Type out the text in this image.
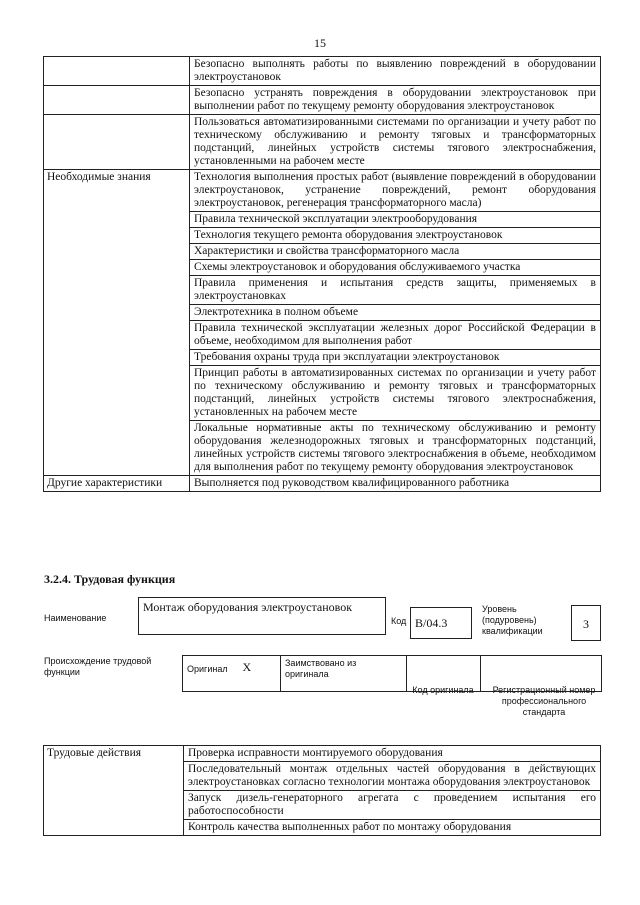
15
	Безопасно выполнять работы по выявлению повреждений в оборудовании электроустановок
	Безопасно устранять повреждения в оборудовании электроустановок при выполнении работ по текущему ремонту оборудования электроустановок
	Пользоваться автоматизированными системами по организации и учету работ по техническому обслуживанию и ремонту тяговых и трансформаторных подстанций, линейных устройств системы тягового электроснабжения, установленными на рабочем месте
Необходимые знания	Технология выполнения простых работ (выявление повреждений в оборудовании электроустановок, устранение повреждений, ремонт оборудования электроустановок, регенерация трансформаторного масла)
	Правила технической эксплуатации электрооборудования
	Технология текущего ремонта оборудования электроустановок
	Характеристики и свойства трансформаторного масла
	Схемы электроустановок и оборудования обслуживаемого участка
	Правила применения и испытания средств защиты, применяемых в электроустановках
	Электротехника в полном объеме
	Правила технической эксплуатации железных дорог Российской Федерации в объеме, необходимом для выполнения работ
	Требования охраны труда при эксплуатации электроустановок
	Принцип работы в автоматизированных системах по организации и учету работ по техническому обслуживанию и ремонту тяговых и трансформаторных подстанций, линейных устройств системы тягового электроснабжения, установленных на рабочем месте
	Локальные нормативные акты по техническому обслуживанию и ремонту оборудования железнодорожных тяговых и трансформаторных подстанций, линейных устройств системы тягового электроснабжения в объеме, необходимом для выполнения работ по текущему ремонту оборудования электроустановок
Другие характеристики	Выполняется под руководством квалифицированного работника
3.2.4. Трудовая функция
Наименование
Монтаж оборудования электроустановок
Код В/04.3
Уровень (подуровень) квалификации	3
Происхождение трудовой функции	Оригинал	X	Заимствовано из оригинала		
Код оригинала	Регистрационный номер профессионального стандарта
Трудовые действия	Проверка исправности монтируемого оборудования
Последовательный монтаж отдельных частей оборудования в действующих электроустановках согласно технологии монтажа оборудования электроустановок
Запуск дизель-генераторного агрегата с проведением испытания его работоспособности
Контроль качества выполненных работ по монтажу оборудования
